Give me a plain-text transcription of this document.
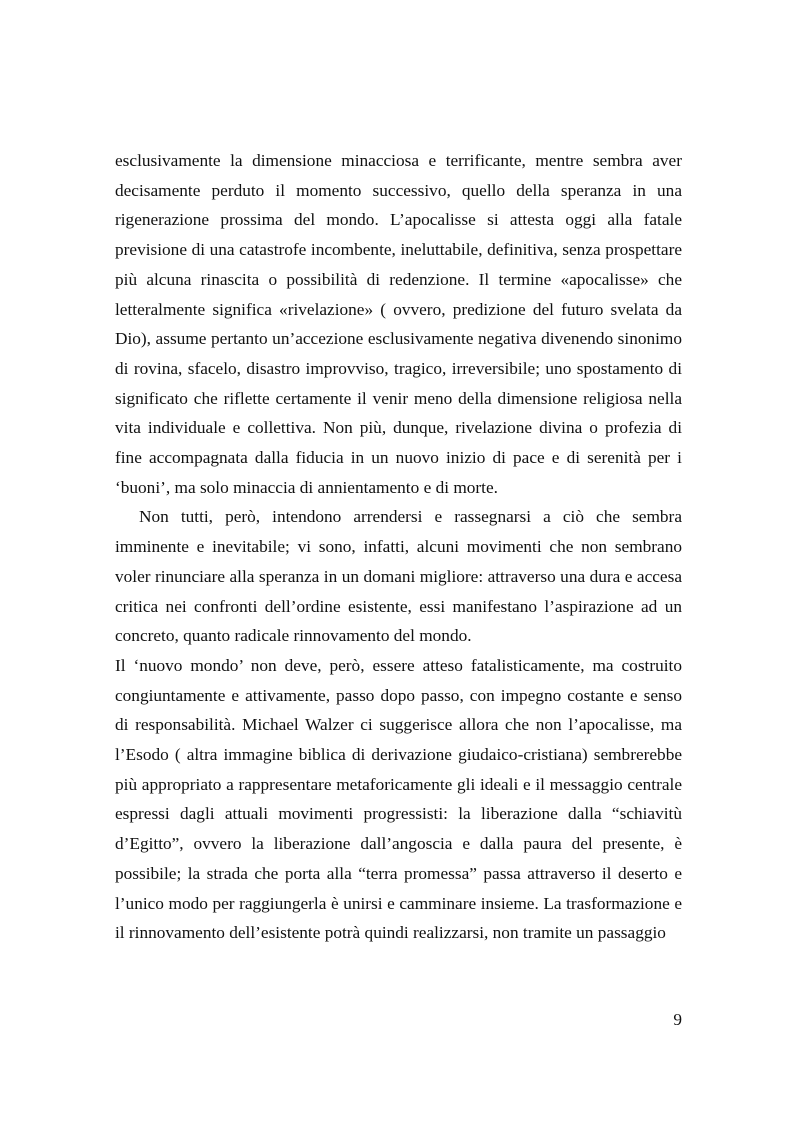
esclusivamente la dimensione minacciosa e terrificante, mentre sembra aver decisamente perduto il momento successivo, quello della speranza in una rigenerazione prossima del mondo. L’apocalisse si attesta oggi alla fatale previsione di una catastrofe incombente, ineluttabile, definitiva, senza prospettare più alcuna rinascita o possibilità di redenzione. Il termine «apocalisse» che letteralmente significa «rivelazione» ( ovvero, predizione del futuro svelata da Dio), assume pertanto un’accezione esclusivamente negativa divenendo sinonimo di rovina, sfacelo, disastro improvviso, tragico, irreversibile; uno spostamento di significato che riflette certamente il venir meno della dimensione religiosa nella vita individuale e collettiva. Non più, dunque, rivelazione divina o profezia di fine accompagnata dalla fiducia in un nuovo inizio di pace e di serenità per i ‘buoni’, ma solo minaccia di annientamento e di morte.

Non tutti, però, intendono arrendersi e rassegnarsi a ciò che sembra imminente e inevitabile; vi sono, infatti, alcuni movimenti che non sembrano voler rinunciare alla speranza in un domani migliore: attraverso una dura e accesa critica nei confronti dell’ordine esistente, essi manifestano l’aspirazione ad un concreto, quanto radicale rinnovamento del mondo.

Il ‘nuovo mondo’ non deve, però, essere atteso fatalisticamente, ma costruito congiuntamente e attivamente, passo dopo passo, con impegno costante e senso di responsabilità. Michael Walzer ci suggerisce allora che non l’apocalisse, ma l’Esodo ( altra immagine biblica di derivazione giudaico-cristiana) sembrerebbe più appropriato a rappresentare metaforicamente gli ideali e il messaggio centrale espressi dagli attuali movimenti progressisti: la liberazione dalla “schiavitù d’Egitto”, ovvero la liberazione dall’angoscia e dalla paura del presente, è possibile; la strada che porta alla “terra promessa” passa attraverso il deserto e l’unico modo per raggiungerla è unirsi e camminare insieme. La trasformazione e il rinnovamento dell’esistente potrà quindi realizzarsi, non tramite un passaggio

9
